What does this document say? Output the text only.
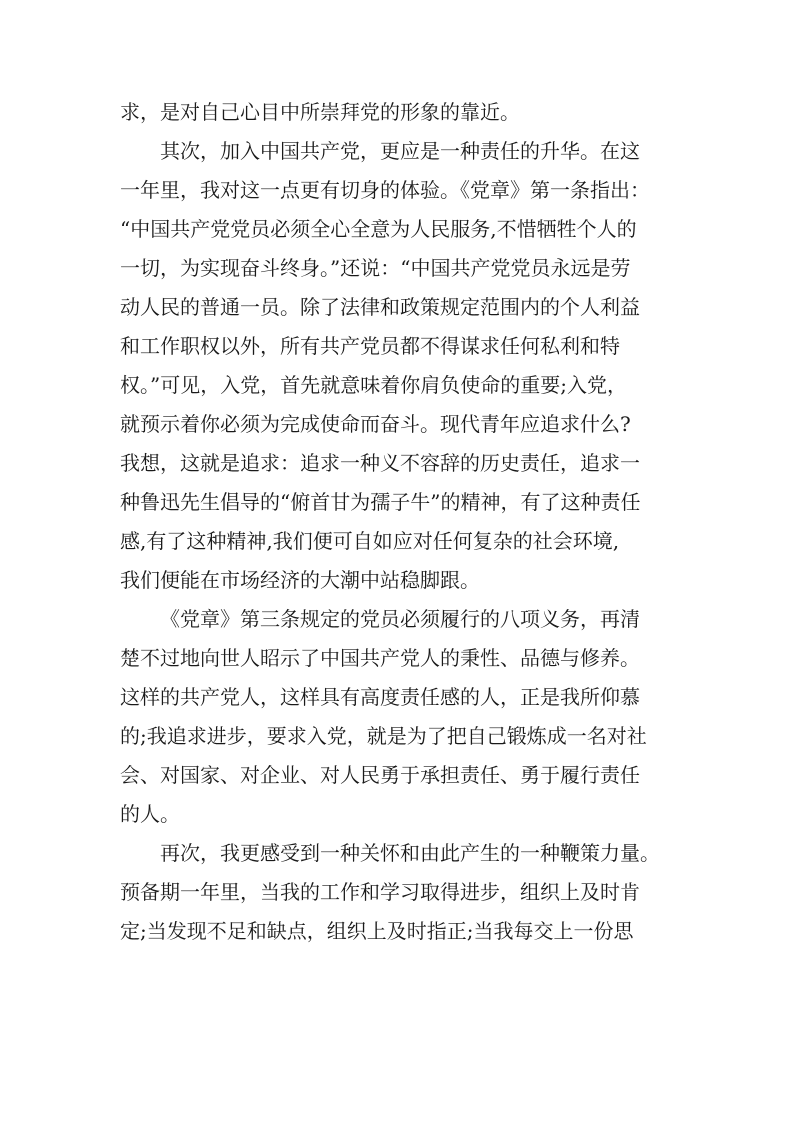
求，是对自己心目中所崇拜党的形象的靠近。
其次，加入中国共产党，更应是一种责任的升华。在这
一年里，我对这一点更有切身的体验。《党章》第一条指出：
“中国共产党党员必须全心全意为人民服务,不惜牺牲个人的
一切，为实现奋斗终身。”还说：“中国共产党党员永远是劳
动人民的普通一员。除了法律和政策规定范围内的个人利益
和工作职权以外，所有共产党员都不得谋求任何私利和特
权。”可见，入党，首先就意味着你肩负使命的重要;入党，
就预示着你必须为完成使命而奋斗。现代青年应追求什么?
我想，这就是追求：追求一种义不容辞的历史责任，追求一
种鲁迅先生倡导的“俯首甘为孺子牛”的精神，有了这种责任
感,有了这种精神,我们便可自如应对任何复杂的社会环境,
我们便能在市场经济的大潮中站稳脚跟。
《党章》第三条规定的党员必须履行的八项义务，再清
楚不过地向世人昭示了中国共产党人的秉性、品德与修养。
这样的共产党人，这样具有高度责任感的人，正是我所仰慕
的;我追求进步，要求入党，就是为了把自己锻炼成一名对社
会、对国家、对企业、对人民勇于承担责任、勇于履行责任
的人。
再次，我更感受到一种关怀和由此产生的一种鞭策力量。
预备期一年里，当我的工作和学习取得进步，组织上及时肯
定;当发现不足和缺点，组织上及时指正;当我每交上一份思
